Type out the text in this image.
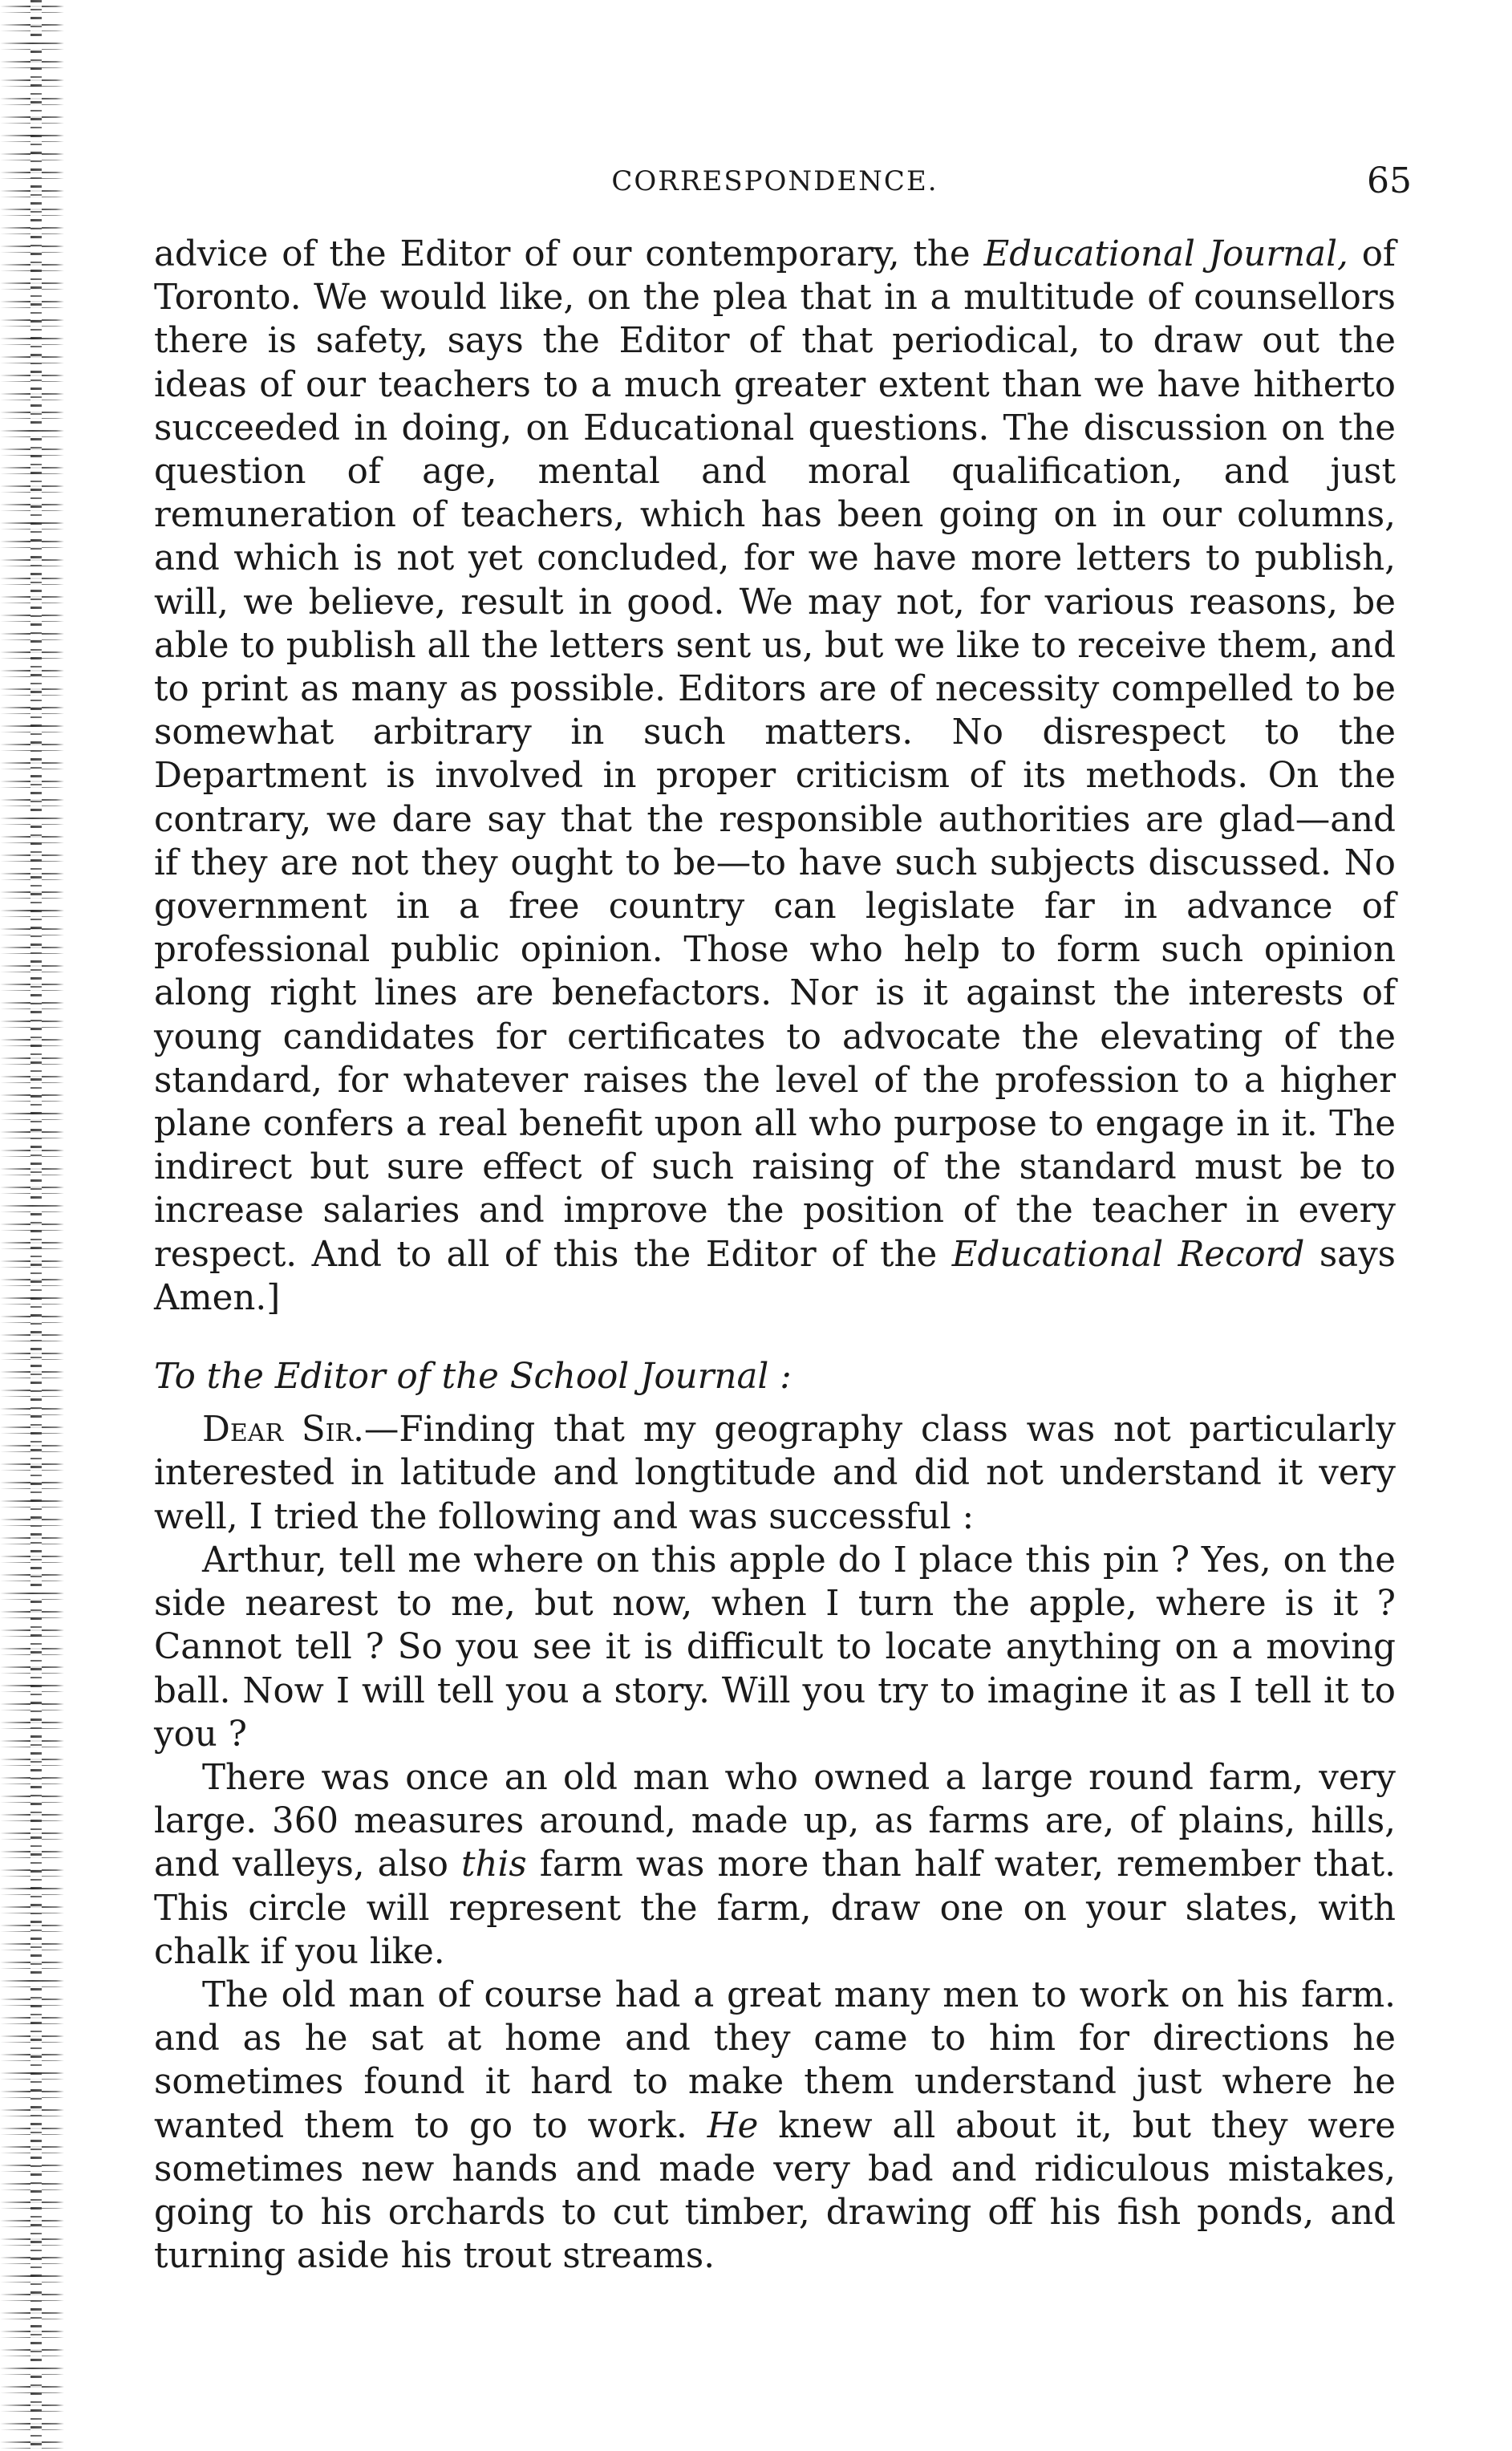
CORRESPONDENCE.	65

advice of the Editor of our contemporary, the Educational Journal, of Toronto. We would like, on the plea that in a multitude of counsellors there is safety, says the Editor of that periodical, to draw out the ideas of our teachers to a much greater extent than we have hitherto succeeded in doing, on Educational questions. The discussion on the question of age, mental and moral qualification, and just remuneration of teachers, which has been going on in our columns, and which is not yet concluded, for we have more letters to publish, will, we believe, result in good. We may not, for various reasons, be able to publish all the letters sent us, but we like to receive them, and to print as many as possible. Editors are of necessity compelled to be somewhat arbitrary in such matters. No disrespect to the Department is involved in proper criticism of its methods. On the contrary, we dare say that the responsible authorities are glad—and if they are not they ought to be—to have such subjects discussed. No government in a free country can legislate far in advance of professional public opinion. Those who help to form such opinion along right lines are benefactors. Nor is it against the interests of young candidates for certificates to advocate the elevating of the standard, for whatever raises the level of the profession to a higher plane confers a real benefit upon all who purpose to engage in it. The indirect but sure effect of such raising of the standard must be to increase salaries and improve the position of the teacher in every respect. And to all of this the Editor of the Educational Record says Amen.]

To the Editor of the School Journal :

Dear Sir.—Finding that my geography class was not particularly interested in latitude and longtitude and did not understand it very well, I tried the following and was successful :

Arthur, tell me where on this apple do I place this pin ? Yes, on the side nearest to me, but now, when I turn the apple, where is it ? Cannot tell ? So you see it is difficult to locate anything on a moving ball. Now I will tell you a story. Will you try to imagine it as I tell it to you ?

There was once an old man who owned a large round farm, very large. 360 measures around, made up, as farms are, of plains, hills, and valleys, also this farm was more than half water, remember that. This circle will represent the farm, draw one on your slates, with chalk if you like.

The old man of course had a great many men to work on his farm. and as he sat at home and they came to him for directions he sometimes found it hard to make them understand just where he wanted them to go to work. He knew all about it, but they were sometimes new hands and made very bad and ridiculous mistakes, going to his orchards to cut timber, drawing off his fish ponds, and turning aside his trout streams.
